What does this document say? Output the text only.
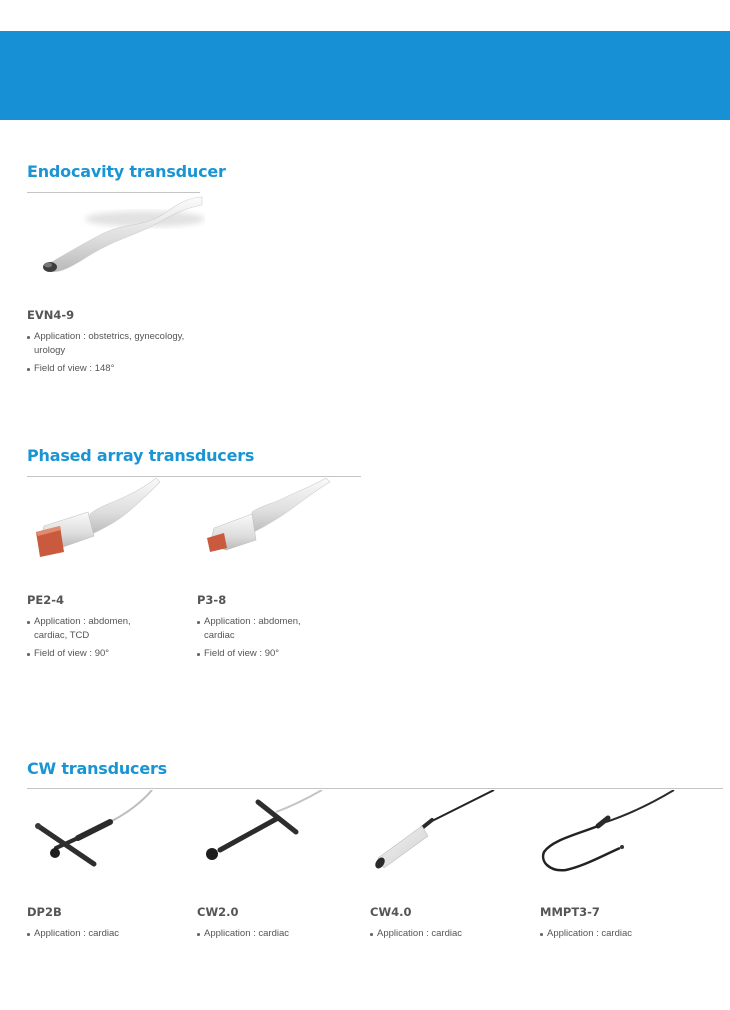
Endocavity transducer
EVN4-9
Application : obstetrics, gynecology, urology
Field of view : 148°
Phased array transducers
PE2-4
Application : abdomen, cardiac, TCD
Field of view : 90°
P3-8
Application : abdomen, cardiac
Field of view : 90°
CW transducers
DP2B
Application : cardiac
CW2.0
Application : cardiac
CW4.0
Application : cardiac
MMPT3-7
Application : cardiac
